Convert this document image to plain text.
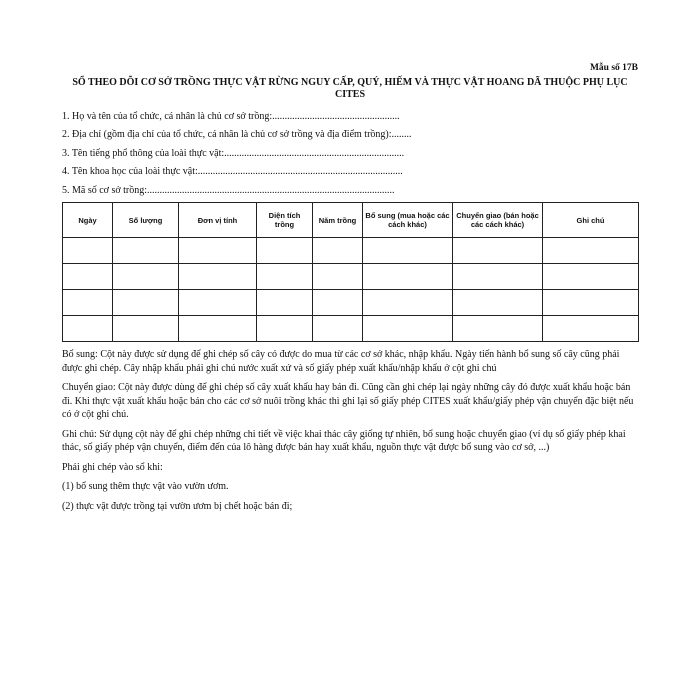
Mẫu số 17B
SỔ THEO DÕI CƠ SỞ TRỒNG THỰC VẬT RỪNG NGUY CẤP, QUÝ, HIẾM VÀ THỰC VẬT HOANG DÃ THUỘC PHỤ LỤC CITES
1. Họ và tên của tổ chức, cá nhân là chủ cơ sở trồng:...................................................
2. Địa chỉ (gồm địa chỉ của tổ chức, cá nhân là chủ cơ sở trồng và địa điểm trồng):........
3. Tên tiếng phổ thông của loài thực vật:........................................................................
4. Tên khoa học của loài thực vật:..................................................................................
5. Mã số cơ sở trồng:...................................................................................................
Ngày	Số lượng	Đơn vị tính	Diện tích trồng	Năm trồng	Bổ sung (mua hoặc các cách khác)	Chuyển giao (bán hoặc các cách khác)	Ghi chú

Bổ sung: Cột này được sử dụng để ghi chép số cây có được do mua từ các cơ sở khác, nhập khẩu. Ngày tiến hành bổ sung số cây cũng phải được ghi chép. Cây nhập khẩu phải ghi chú nước xuất xứ và số giấy phép xuất khẩu/nhập khẩu ở cột ghi chú
Chuyển giao: Cột này được dùng để ghi chép số cây xuất khẩu hay bán đi. Cũng cần ghi chép lại ngày những cây đó được xuất khẩu hoặc bán đi. Khi thực vật xuất khẩu hoặc bán cho các cơ sở nuôi trồng khác thì ghi lại số giấy phép CITES xuất khẩu/giấy phép vận chuyển đặc biệt nếu có ở cột ghi chú.
Ghi chú: Sử dụng cột này để ghi chép những chi tiết về việc khai thác cây giống tự nhiên, bổ sung hoặc chuyển giao (ví dụ số giấy phép khai thác, số giấy phép vận chuyển, điểm đến của lô hàng được bán hay xuất khẩu, nguồn thực vật được bổ sung vào cơ sở, ...)
Phải ghi chép vào sổ khi:
(1) bổ sung thêm thực vật vào vườn ươm.
(2) thực vật được trồng tại vườn ươm bị chết hoặc bán đi;
